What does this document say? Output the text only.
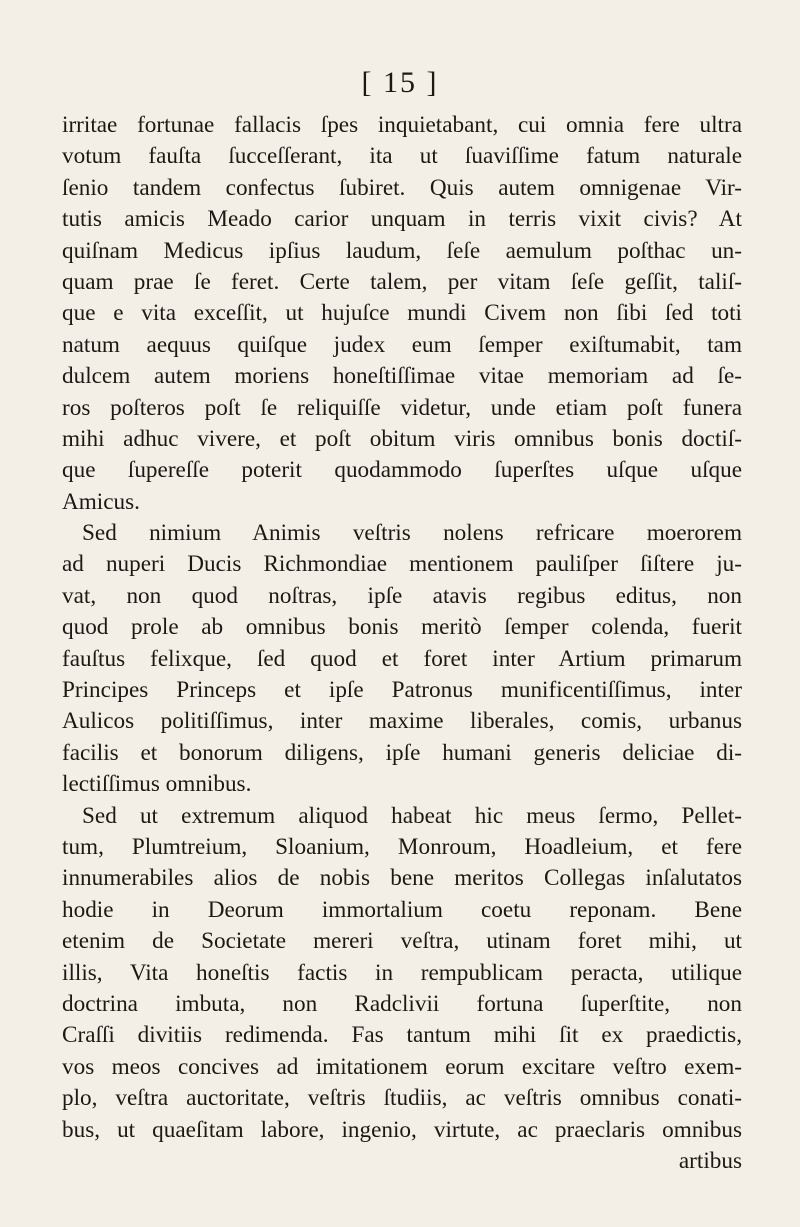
[ 15 ]
irritae fortunae fallacis ſpes inquietabant, cui omnia fere ultra
votum fauſta ſucceſſerant, ita ut ſuaviſſime fatum naturale
ſenio tandem confectus ſubiret. Quis autem omnigenae Vir-
tutis amicis Meado carior unquam in terris vixit civis? At
quiſnam Medicus ipſius laudum, ſeſe aemulum poſthac un-
quam prae ſe feret. Certe talem, per vitam ſeſe geſſit, taliſ-
que e vita exceſſit, ut hujuſce mundi Civem non ſibi ſed toti
natum aequus quiſque judex eum ſemper exiſtumabit, tam
dulcem autem moriens honeſtiſſimae vitae memoriam ad ſe-
ros poſteros poſt ſe reliquiſſe videtur, unde etiam poſt funera
mihi adhuc vivere, et poſt obitum viris omnibus bonis doctiſ-
que ſupereſſe poterit quodammodo ſuperſtes uſque uſque
Amicus.
Sed nimium Animis veſtris nolens refricare moerorem
ad nuperi Ducis Richmondiae mentionem pauliſper ſiſtere ju-
vat, non quod noſtras, ipſe atavis regibus editus, non
quod prole ab omnibus bonis meritò ſemper colenda, fuerit
fauſtus felixque, ſed quod et foret inter Artium primarum
Principes Princeps et ipſe Patronus munificentiſſimus, inter
Aulicos politiſſimus, inter maxime liberales, comis, urbanus
facilis et bonorum diligens, ipſe humani generis deliciae di-
lectiſſimus omnibus.
Sed ut extremum aliquod habeat hic meus ſermo, Pellet-
tum, Plumtreium, Sloanium, Monroum, Hoadleium, et fere
innumerabiles alios de nobis bene meritos Collegas inſalutatos
hodie in Deorum immortalium coetu reponam. Bene
etenim de Societate mereri veſtra, utinam foret mihi, ut
illis, Vita honeſtis factis in rempublicam peracta, utilique
doctrina imbuta, non Radclivii fortuna ſuperſtite, non
Craſſi divitiis redimenda. Fas tantum mihi ſit ex praedictis,
vos meos concives ad imitationem eorum excitare veſtro exem-
plo, veſtra auctoritate, veſtris ſtudiis, ac veſtris omnibus conati-
bus, ut quaeſitam labore, ingenio, virtute, ac praeclaris omnibus
artibus
